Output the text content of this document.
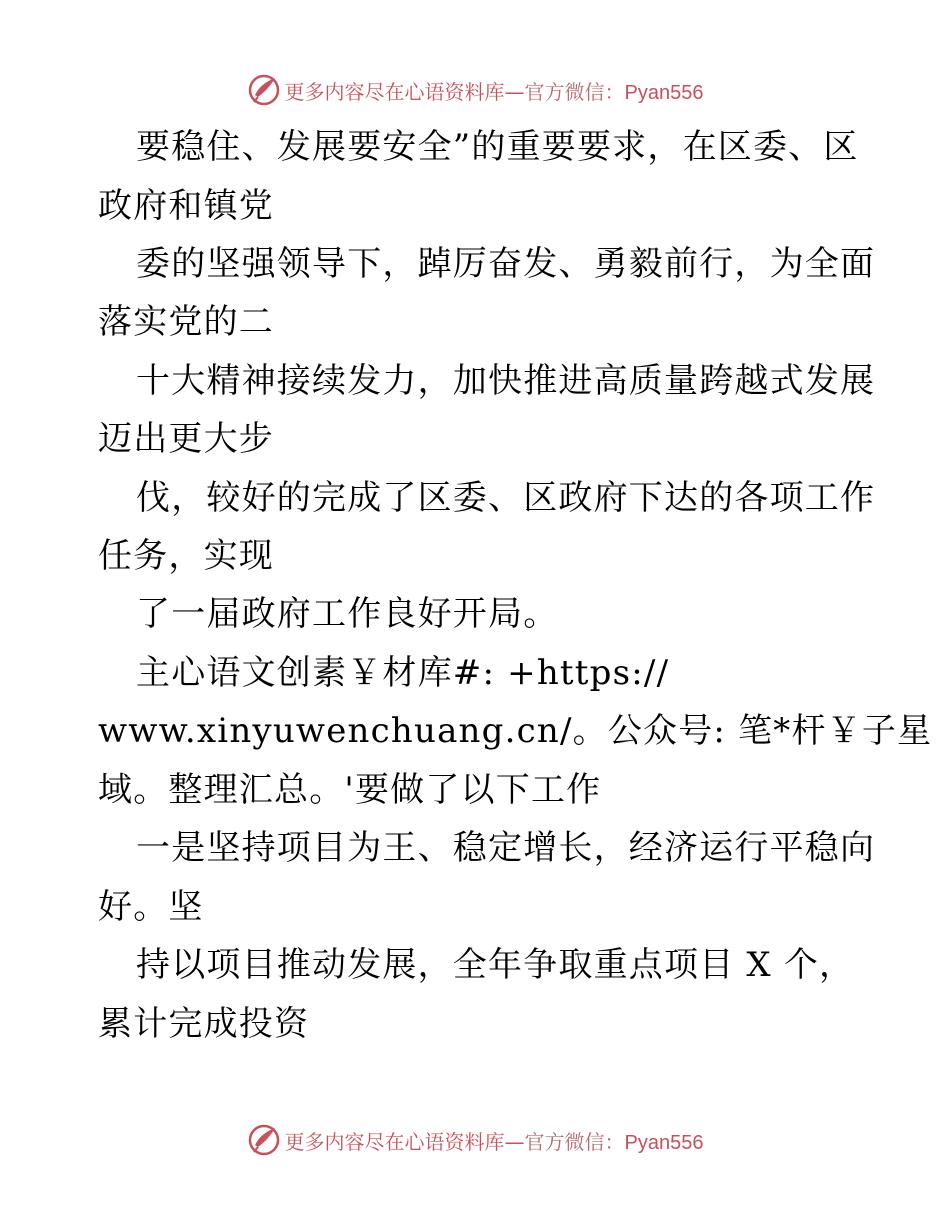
更多内容尽在心语资料库 — 官方微信： Pyan556
要稳住、发展要安全”的重要要求，在区委、区
政府和镇党
委的坚强领导下，踔厉奋发、勇毅前行，为全面
落实党的二
十大精神接续发力，加快推进高质量跨越式发展
迈出更大步
伐，较好的完成了区委、区政府下达的各项工作
任务，实现
了一届政府工作良好开局。
主心语文创素￥材库#: +https://
www.xinyuwenchuang.cn/。公众号: 笔*杆￥子星
域。整理汇总。'要做了以下工作
一是坚持项目为王、稳定增长，经济运行平稳向
好。坚
持以项目推动发展，全年争取重点项目 X 个，
累计完成投资
更多内容尽在心语资料库 — 官方微信： Pyan556
